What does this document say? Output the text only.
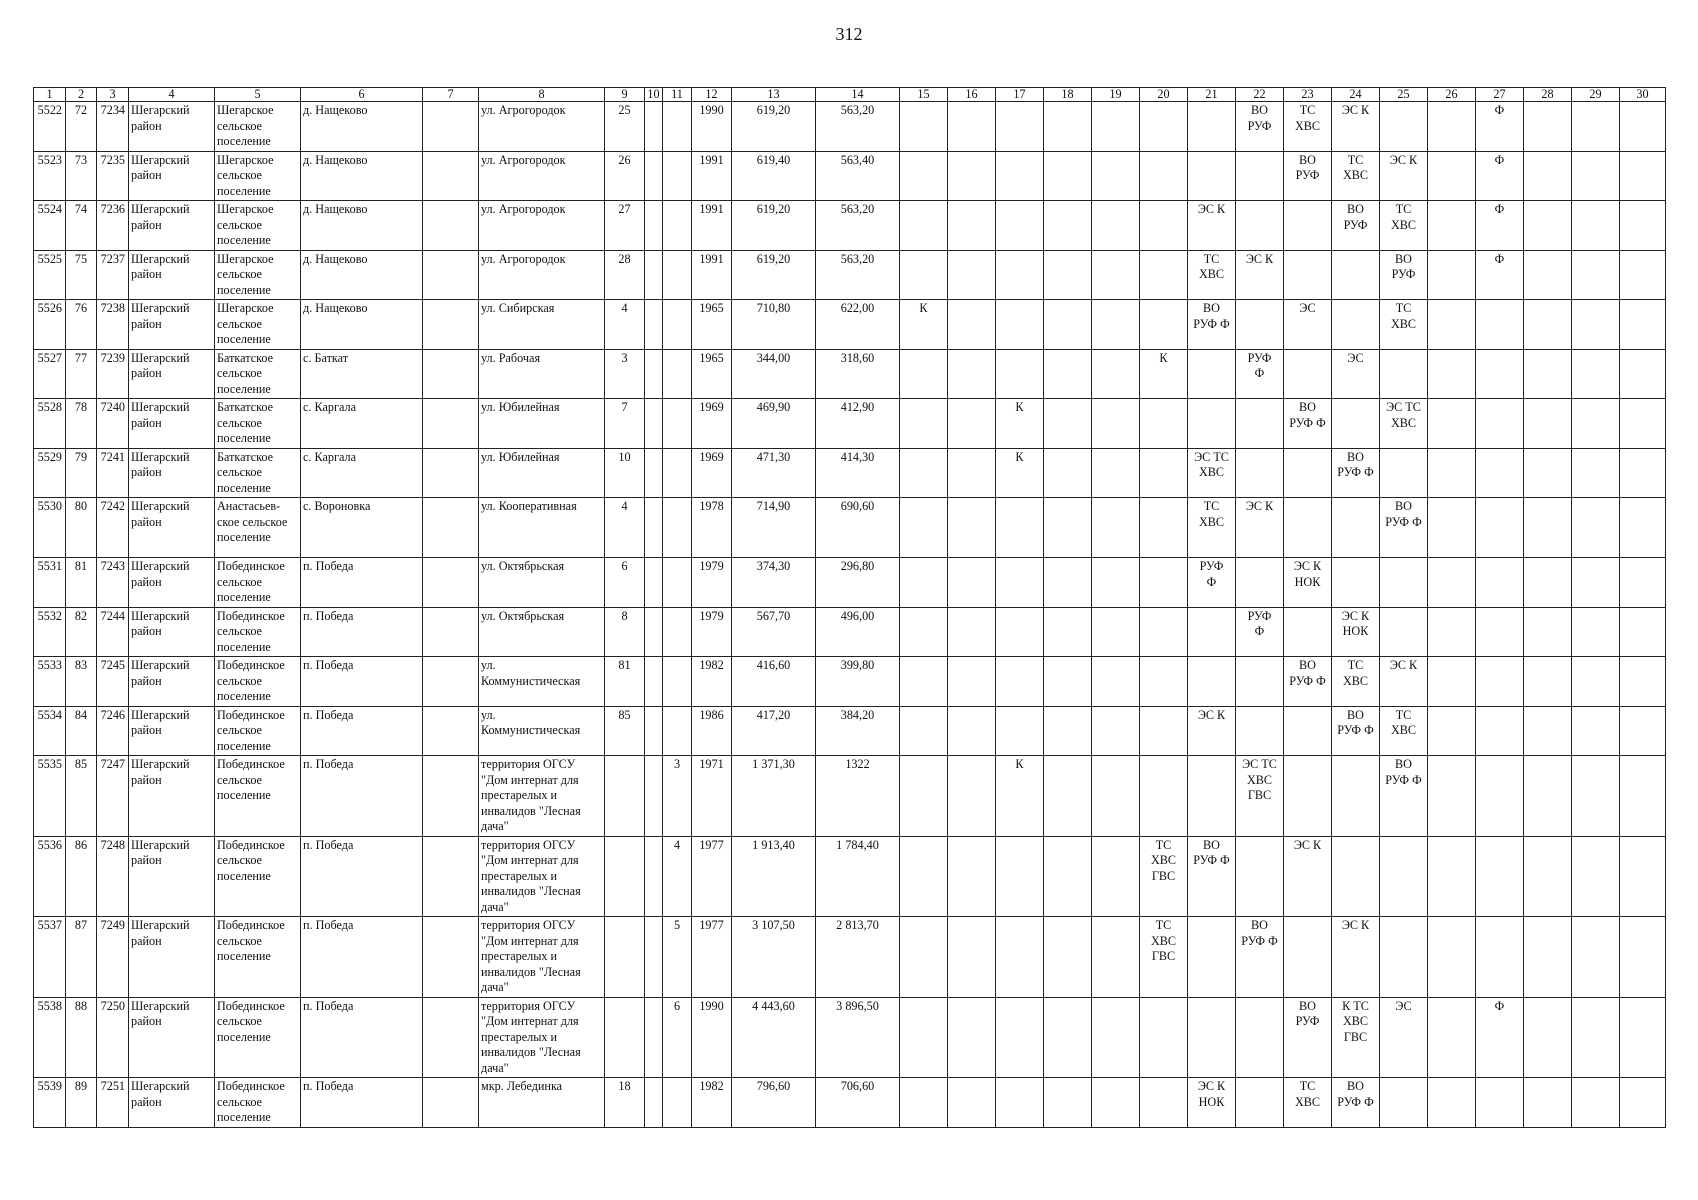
312
1	2	3	4	5	6	7	8	9	10	11	12	13	14	15	16	17	18	19	20	21	22	23	24	25	26	27	28	29	30
5522	72	7234	Шегарский
район	Шегарское
сельское
поселение	д. Нащеково		ул. Агрогородок	25			1990	619,20	563,20								ВО
РУФ	ТС
ХВС	ЭС К			Ф			
5523	73	7235	Шегарский
район	Шегарское
сельское
поселение	д. Нащеково		ул. Агрогородок	26			1991	619,40	563,40									ВО
РУФ	ТС
ХВС	ЭС К		Ф			
5524	74	7236	Шегарский
район	Шегарское
сельское
поселение	д. Нащеково		ул. Агрогородок	27			1991	619,20	563,20							ЭС К			ВО
РУФ	ТС
ХВС		Ф			
5525	75	7237	Шегарский
район	Шегарское
сельское
поселение	д. Нащеково		ул. Агрогородок	28			1991	619,20	563,20							ТС
ХВС	ЭС К			ВО
РУФ		Ф			
5526	76	7238	Шегарский
район	Шегарское
сельское
поселение	д. Нащеково		ул. Сибирская	4			1965	710,80	622,00	К						ВО
РУФ Ф		ЭС		ТС
ХВС					
5527	77	7239	Шегарский
район	Баткатское
сельское
поселение	с. Баткат		ул. Рабочая	3			1965	344,00	318,60						К		РУФ
Ф		ЭС						
5528	78	7240	Шегарский
район	Баткатское
сельское
поселение	с. Каргала		ул. Юбилейная	7			1969	469,90	412,90			К						ВО
РУФ Ф		ЭС ТС
ХВС					
5529	79	7241	Шегарский
район	Баткатское
сельское
поселение	с. Каргала		ул. Юбилейная	10			1969	471,30	414,30			К				ЭС ТС
ХВС			ВО
РУФ Ф						
5530	80	7242	Шегарский
район	Анастасьев-
ское сельское
поселение	с. Вороновка		ул. Кооперативная	4			1978	714,90	690,60							ТС
ХВС	ЭС К			ВО
РУФ Ф					
5531	81	7243	Шегарский
район	Побединское
сельское
поселение	п. Победа		ул. Октябрьская	6			1979	374,30	296,80							РУФ
Ф		ЭС К
НОК							
5532	82	7244	Шегарский
район	Побединское
сельское
поселение	п. Победа		ул. Октябрьская	8			1979	567,70	496,00								РУФ
Ф		ЭС К
НОК						
5533	83	7245	Шегарский
район	Побединское
сельское
поселение	п. Победа		ул.
Коммунистическая	81			1982	416,60	399,80									ВО
РУФ Ф	ТС
ХВС	ЭС К					
5534	84	7246	Шегарский
район	Побединское
сельское
поселение	п. Победа		ул.
Коммунистическая	85			1986	417,20	384,20							ЭС К			ВО
РУФ Ф	ТС
ХВС					
5535	85	7247	Шегарский
район	Побединское
сельское
поселение	п. Победа		территория ОГСУ
"Дом интернат для
престарелых и
инвалидов "Лесная
дача"			3	1971	1 371,30	1322			К					ЭС ТС
ХВС
ГВС			ВО
РУФ Ф					
5536	86	7248	Шегарский
район	Побединское
сельское
поселение	п. Победа		территория ОГСУ
"Дом интернат для
престарелых и
инвалидов "Лесная
дача"			4	1977	1 913,40	1 784,40						ТС
ХВС
ГВС	ВО
РУФ Ф		ЭС К							
5537	87	7249	Шегарский
район	Побединское
сельское
поселение	п. Победа		территория ОГСУ
"Дом интернат для
престарелых и
инвалидов "Лесная
дача"			5	1977	3 107,50	2 813,70						ТС
ХВС
ГВС		ВО
РУФ Ф		ЭС К						
5538	88	7250	Шегарский
район	Побединское
сельское
поселение	п. Победа		территория ОГСУ
"Дом интернат для
престарелых и
инвалидов "Лесная
дача"			6	1990	4 443,60	3 896,50									ВО
РУФ	К ТС
ХВС
ГВС	ЭС		Ф			
5539	89	7251	Шегарский
район	Побединское
сельское
поселение	п. Победа		мкр. Лебединка	18			1982	796,60	706,60							ЭС К
НОК		ТС
ХВС	ВО
РУФ Ф						
